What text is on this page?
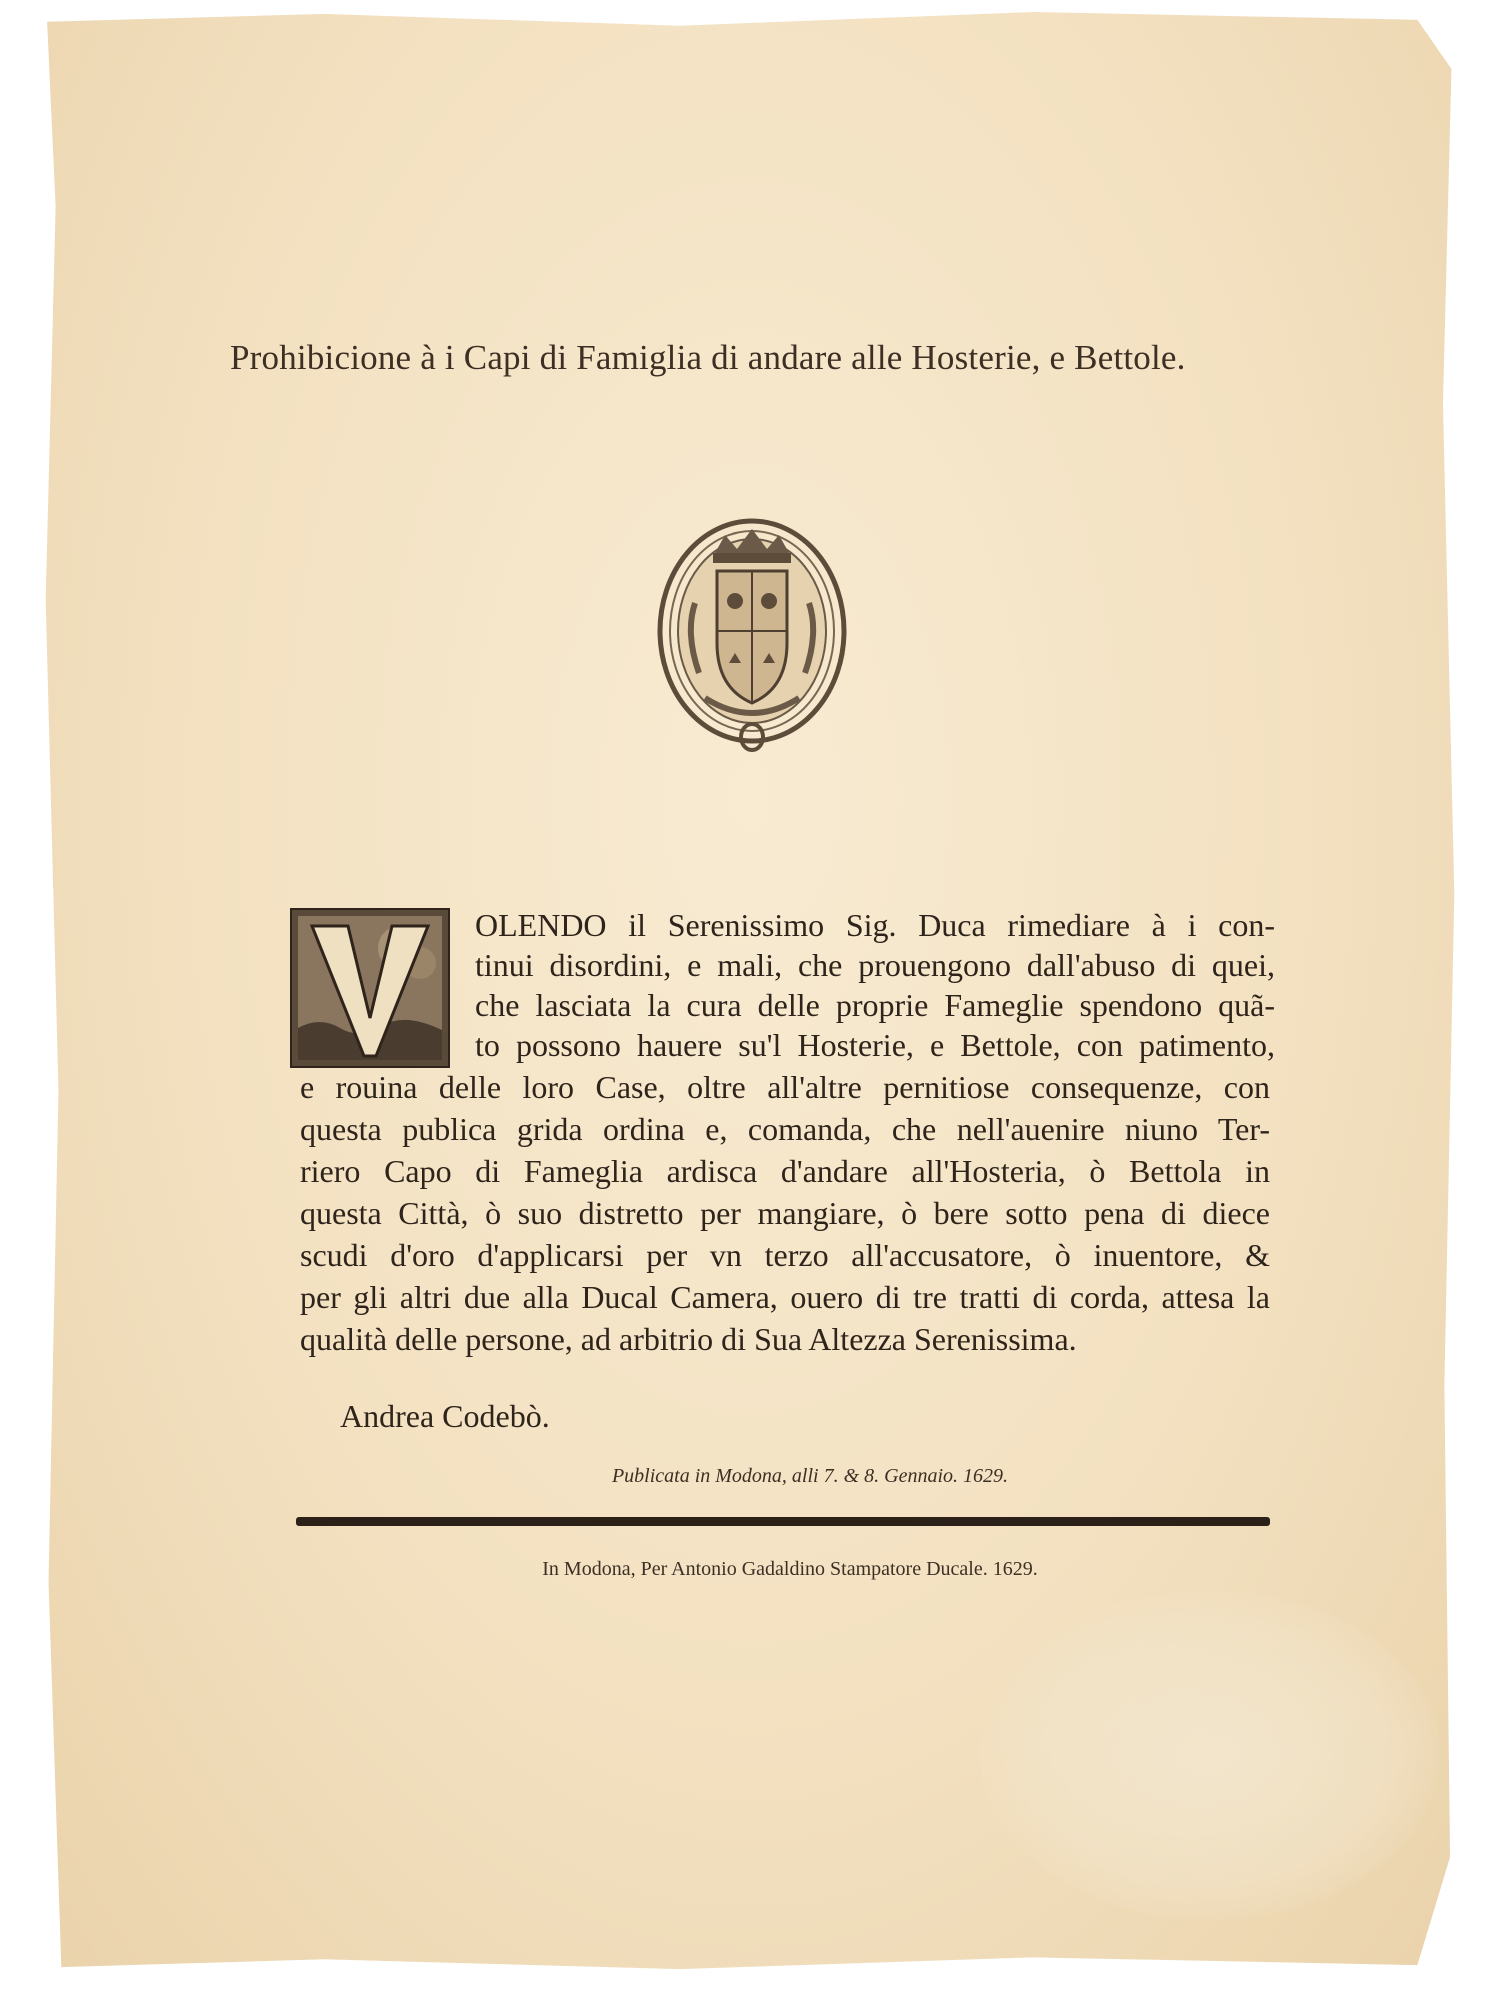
Prohibicione à i Capi di Famiglia di andare alle Hosterie, e Bettole.
OLENDO il Serenissimo Sig. Duca rimediare à i con-
tinui disordini, e mali, che prouengono dall'abuso di quei,
che lasciata la cura delle proprie Fameglie spendono quã-
to possono hauere su'l Hosterie, e Bettole, con patimento,
e rouina delle loro Case, oltre all'altre pernitiose consequenze, con
questa publica grida ordina e, comanda, che nell'auenire niuno Ter-
riero Capo di Fameglia ardisca d'andare all'Hosteria, ò Bettola in
questa Città, ò suo distretto per mangiare, ò bere sotto pena di diece
scudi d'oro d'applicarsi per vn terzo all'accusatore, ò inuentore, &
per gli altri due alla Ducal Camera, ouero di tre tratti di corda, attesa la
qualità delle persone, ad arbitrio di Sua Altezza Serenissima.
Andrea Codebò.
Publicata in Modona, alli 7. & 8. Gennaio. 1629.
In Modona, Per Antonio Gadaldino Stampatore Ducale. 1629.
